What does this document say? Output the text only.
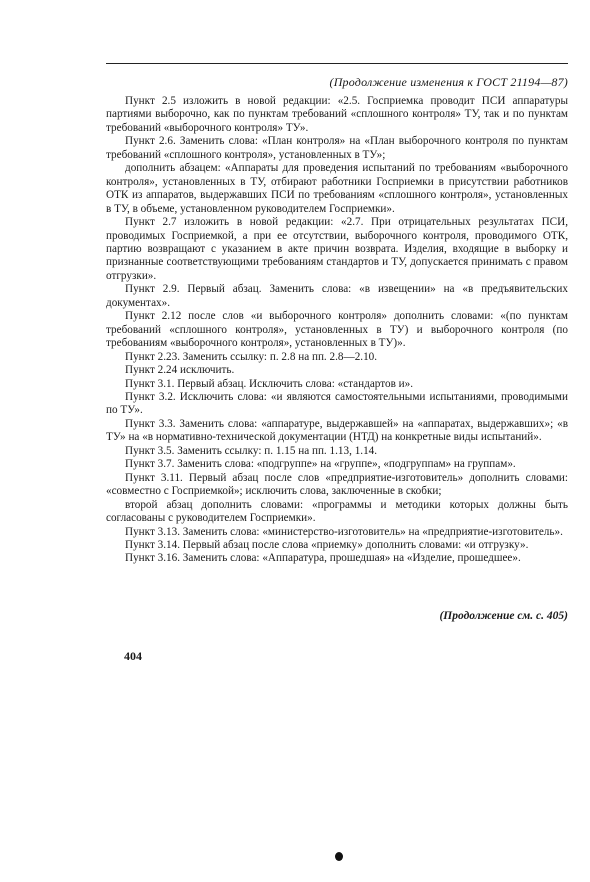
(Продолжение изменения к ГОСТ 21194—87)

Пункт 2.5 изложить в новой редакции: «2.5. Госприемка проводит ПСИ аппаратуры партиями выборочно, как по пунктам требований «сплошного контроля» ТУ, так и по пунктам требований «выборочного контроля» ТУ».

Пункт 2.6. Заменить слова: «План контроля» на «План выборочного контроля по пунктам требований «сплошного контроля», установленных в ТУ»;

дополнить абзацем: «Аппараты для проведения испытаний по требованиям «выборочного контроля», установленных в ТУ, отбирают работники Госприемки в присутствии работников ОТК из аппаратов, выдержавших ПСИ по требованиям «сплошного контроля», установленных в ТУ, в объеме, установленном руководителем Госприемки».

Пункт 2.7 изложить в новой редакции: «2.7. При отрицательных результатах ПСИ, проводимых Госприемкой, а при ее отсутствии, выборочного контроля, проводимого ОТК, партию возвращают с указанием в акте причин возврата. Изделия, входящие в выборку и признанные соответствующими требованиям стандартов и ТУ, допускается принимать с правом отгрузки».

Пункт 2.9. Первый абзац. Заменить слова: «в извещении» на «в предъявительских документах».

Пункт 2.12 после слов «и выборочного контроля» дополнить словами: «(по пунктам требований «сплошного контроля», установленных в ТУ) и выборочного контроля (по требованиям «выборочного контроля», установленных в ТУ)».

Пункт 2.23. Заменить ссылку: п. 2.8 на пп. 2.8—2.10.

Пункт 2.24 исключить.

Пункт 3.1. Первый абзац. Исключить слова: «стандартов и».

Пункт 3.2. Исключить слова: «и являются самостоятельными испытаниями, проводимыми по ТУ».

Пункт 3.3. Заменить слова: «аппаратуре, выдержавшей» на «аппаратах, выдержавших»; «в ТУ» на «в нормативно-технической документации (НТД) на конкретные виды испытаний».

Пункт 3.5. Заменить ссылку: п. 1.15 на пп. 1.13, 1.14.

Пункт 3.7. Заменить слова: «подгруппе» на «группе», «подгруппам» на группам».

Пункт 3.11. Первый абзац после слов «предприятие-изготовитель» дополнить словами: «совместно с Госприемкой»; исключить слова, заключенные в скобки;

второй абзац дополнить словами: «программы и методики которых должны быть согласованы с руководителем Госприемки».

Пункт 3.13. Заменить слова: «министерство-изготовитель» на «предприятие-изготовитель».

Пункт 3.14. Первый абзац после слова «приемку» дополнить словами: «и отгрузку».

Пункт 3.16. Заменить слова: «Аппаратура, прошедшая» на «Изделие, прошедшее».

(Продолжение см. с. 405)
404
